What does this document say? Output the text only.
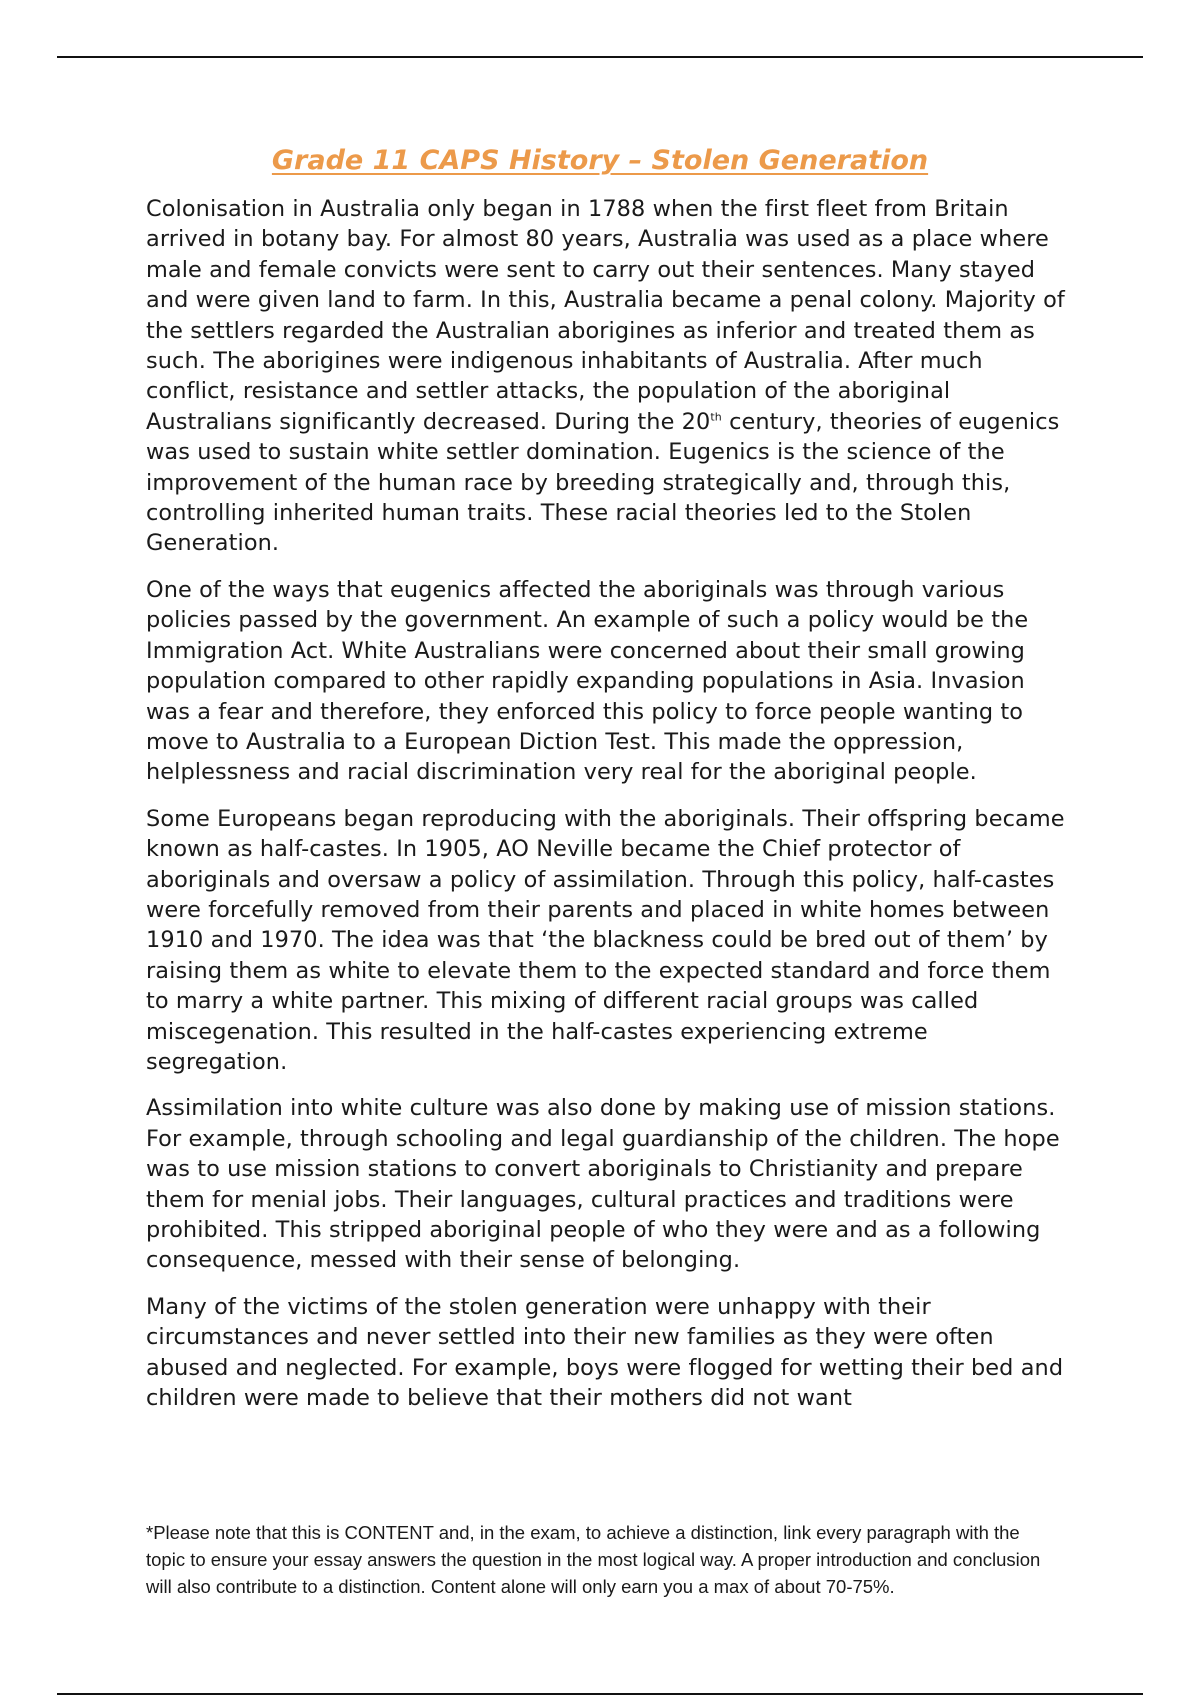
Grade 11 CAPS History – Stolen Generation

Colonisation in Australia only began in 1788 when the first fleet from Britain arrived in botany bay. For almost 80 years, Australia was used as a place where male and female convicts were sent to carry out their sentences. Many stayed and were given land to farm. In this, Australia became a penal colony. Majority of the settlers regarded the Australian aborigines as inferior and treated them as such. The aborigines were indigenous inhabitants of Australia. After much conflict, resistance and settler attacks, the population of the aboriginal Australians significantly decreased. During the 20th century, theories of eugenics was used to sustain white settler domination. Eugenics is the science of the improvement of the human race by breeding strategically and, through this, controlling inherited human traits. These racial theories led to the Stolen Generation.

One of the ways that eugenics affected the aboriginals was through various policies passed by the government. An example of such a policy would be the Immigration Act. White Australians were concerned about their small growing population compared to other rapidly expanding populations in Asia. Invasion was a fear and therefore, they enforced this policy to force people wanting to move to Australia to a European Diction Test. This made the oppression, helplessness and racial discrimination very real for the aboriginal people.

Some Europeans began reproducing with the aboriginals. Their offspring became known as half-castes. In 1905, AO Neville became the Chief protector of aboriginals and oversaw a policy of assimilation. Through this policy, half-castes were forcefully removed from their parents and placed in white homes between 1910 and 1970. The idea was that ‘the blackness could be bred out of them’ by raising them as white to elevate them to the expected standard and force them to marry a white partner. This mixing of different racial groups was called miscegenation. This resulted in the half-castes experiencing extreme segregation.

Assimilation into white culture was also done by making use of mission stations. For example, through schooling and legal guardianship of the children. The hope was to use mission stations to convert aboriginals to Christianity and prepare them for menial jobs. Their languages, cultural practices and traditions were prohibited. This stripped aboriginal people of who they were and as a following consequence, messed with their sense of belonging.

Many of the victims of the stolen generation were unhappy with their circumstances and never settled into their new families as they were often abused and neglected. For example, boys were flogged for wetting their bed and children were made to believe that their mothers did not want

*Please note that this is CONTENT and, in the exam, to achieve a distinction, link every paragraph with the topic to ensure your essay answers the question in the most logical way. A proper introduction and conclusion will also contribute to a distinction. Content alone will only earn you a max of about 70-75%.
